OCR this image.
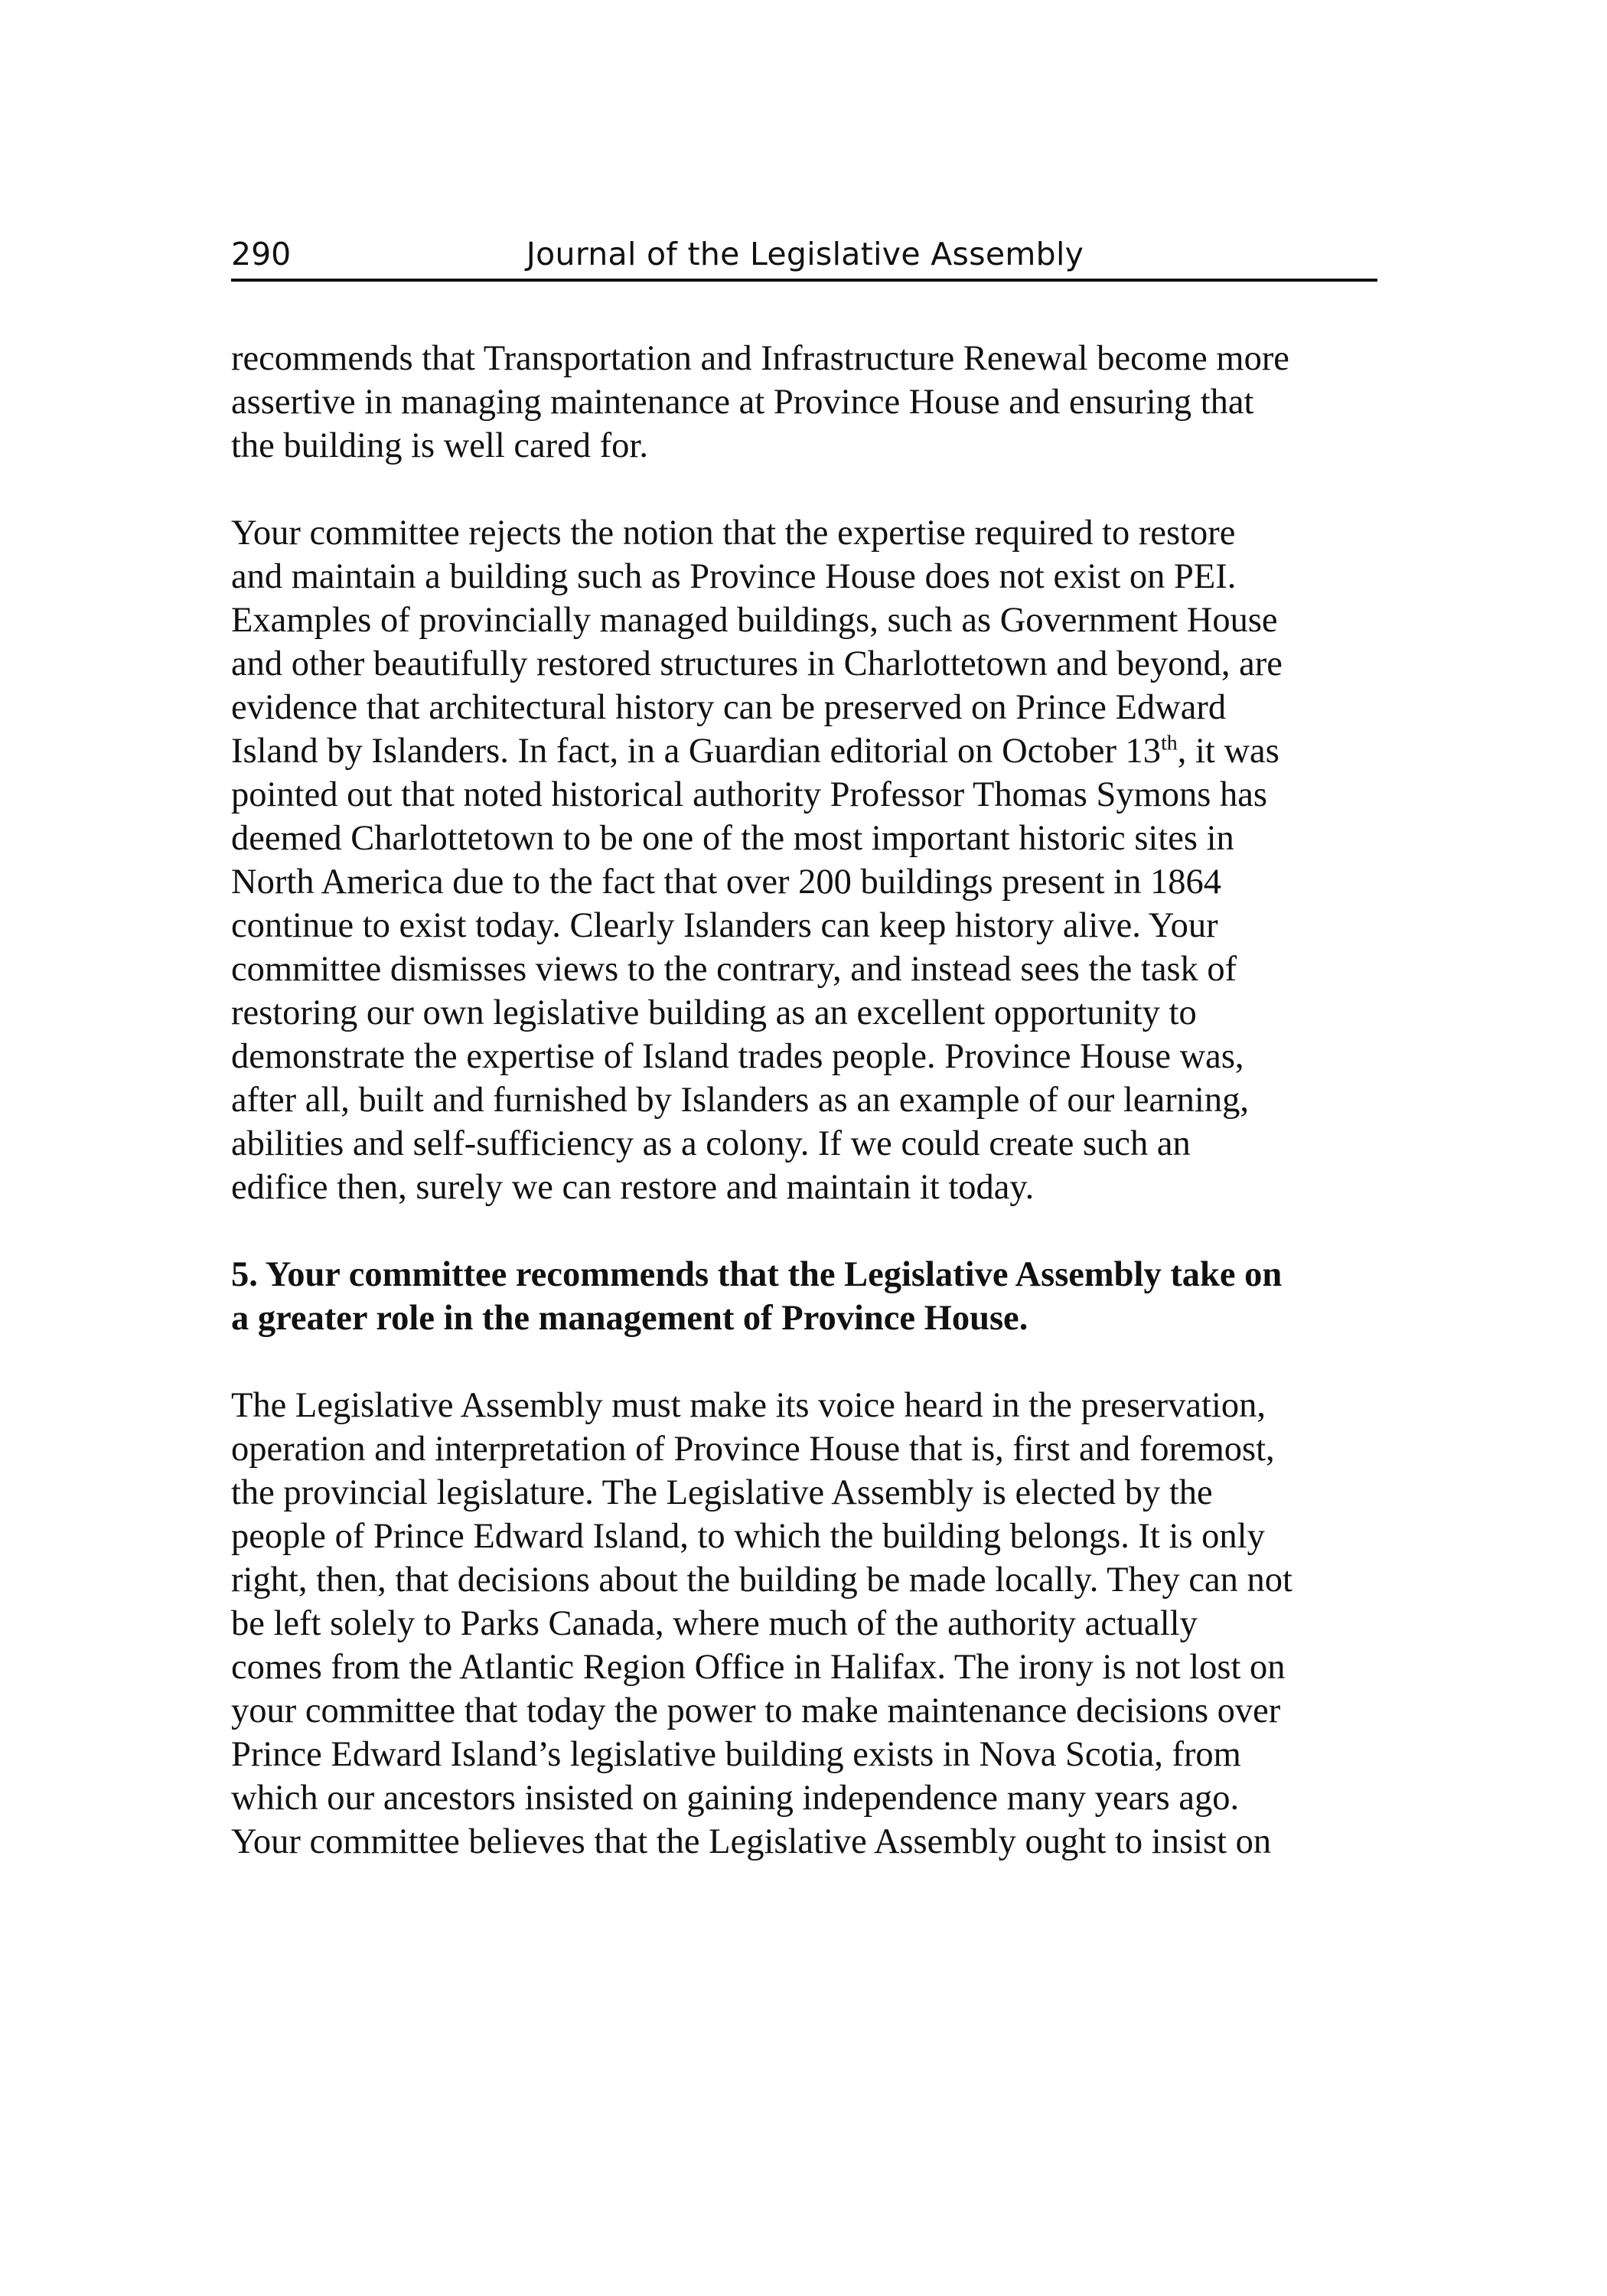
290	Journal of the Legislative Assembly

recommends that Transportation and Infrastructure Renewal become more
assertive in managing maintenance at Province House and ensuring that
the building is well cared for.

Your committee rejects the notion that the expertise required to restore
and maintain a building such as Province House does not exist on PEI.
Examples of provincially managed buildings, such as Government House
and other beautifully restored structures in Charlottetown and beyond, are
evidence that architectural history can be preserved on Prince Edward
Island by Islanders. In fact, in a Guardian editorial on October 13th, it was
pointed out that noted historical authority Professor Thomas Symons has
deemed Charlottetown to be one of the most important historic sites in
North America due to the fact that over 200 buildings present in 1864
continue to exist today. Clearly Islanders can keep history alive. Your
committee dismisses views to the contrary, and instead sees the task of
restoring our own legislative building as an excellent opportunity to
demonstrate the expertise of Island trades people. Province House was,
after all, built and furnished by Islanders as an example of our learning,
abilities and self-sufficiency as a colony. If we could create such an
edifice then, surely we can restore and maintain it today.

5. Your committee recommends that the Legislative Assembly take on
a greater role in the management of Province House.

The Legislative Assembly must make its voice heard in the preservation,
operation and interpretation of Province House that is, first and foremost,
the provincial legislature. The Legislative Assembly is elected by the
people of Prince Edward Island, to which the building belongs. It is only
right, then, that decisions about the building be made locally. They can not
be left solely to Parks Canada, where much of the authority actually
comes from the Atlantic Region Office in Halifax. The irony is not lost on
your committee that today the power to make maintenance decisions over
Prince Edward Island’s legislative building exists in Nova Scotia, from
which our ancestors insisted on gaining independence many years ago.
Your committee believes that the Legislative Assembly ought to insist on
